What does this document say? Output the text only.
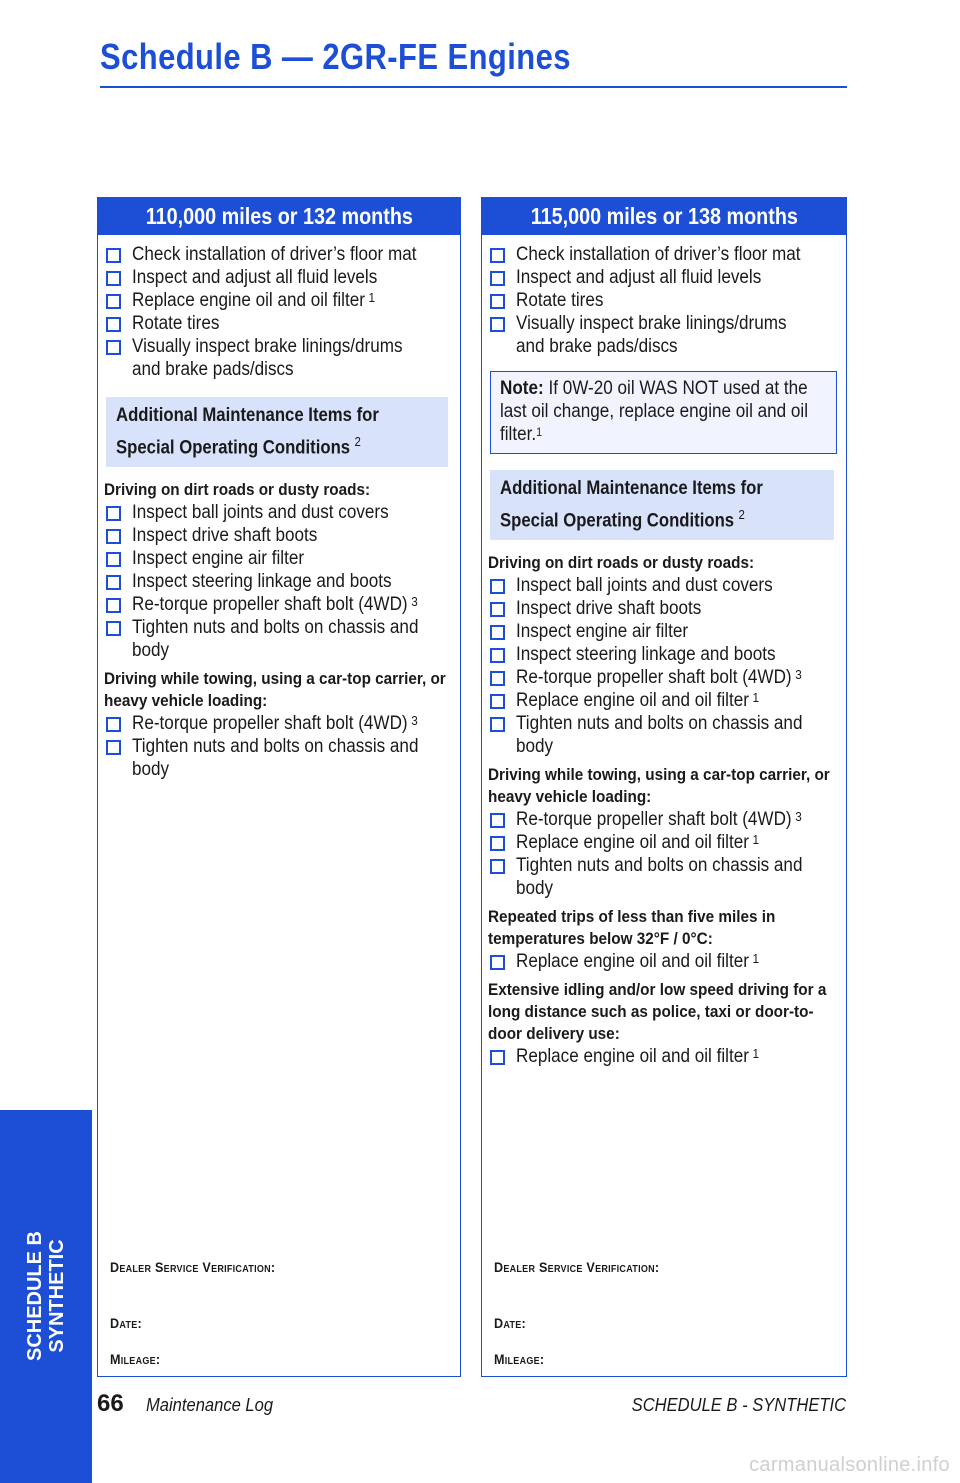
Schedule B — 2GR-FE Engines
110,000 miles or 132 months
Check installation of driver’s floor mat
Inspect and adjust all fluid levels
Replace engine oil and oil filter $^1$
Rotate tires
Visually inspect brake linings/drums and brake pads/discs
Additional Maintenance Items for Special Operating Conditions $^2$
Driving on dirt roads or dusty roads:
Inspect ball joints and dust covers
Inspect drive shaft boots
Inspect engine air filter
Inspect steering linkage and boots
Re-torque propeller shaft bolt (4WD) $^3$
Tighten nuts and bolts on chassis and body
Driving while towing, using a car-top carrier, or heavy vehicle loading:
Re-torque propeller shaft bolt (4WD) $^3$
Tighten nuts and bolts on chassis and body
Dealer Service Verification:
Date:
Mileage:
115,000 miles or 138 months
Check installation of driver’s floor mat
Inspect and adjust all fluid levels
Rotate tires
Visually inspect brake linings/drums and brake pads/discs
Note: If 0W-20 oil WAS NOT used at the last oil change, replace engine oil and oil filter.$^1$
Additional Maintenance Items for Special Operating Conditions $^2$
Driving on dirt roads or dusty roads:
Inspect ball joints and dust covers
Inspect drive shaft boots
Inspect engine air filter
Inspect steering linkage and boots
Re-torque propeller shaft bolt (4WD) $^3$
Replace engine oil and oil filter $^1$
Tighten nuts and bolts on chassis and body
Driving while towing, using a car-top carrier, or heavy vehicle loading:
Re-torque propeller shaft bolt (4WD) $^3$
Replace engine oil and oil filter $^1$
Tighten nuts and bolts on chassis and body
Repeated trips of less than five miles in temperatures below 32°F / 0°C:
Replace engine oil and oil filter $^1$
Extensive idling and/or low speed driving for a long distance such as police, taxi or door-to-door delivery use:
Replace engine oil and oil filter $^1$
Dealer Service Verification:
Date:
Mileage:
SCHEDULE B SYNTHETIC
66 Maintenance Log	SCHEDULE B - SYNTHETIC
carmanualsonline.info
